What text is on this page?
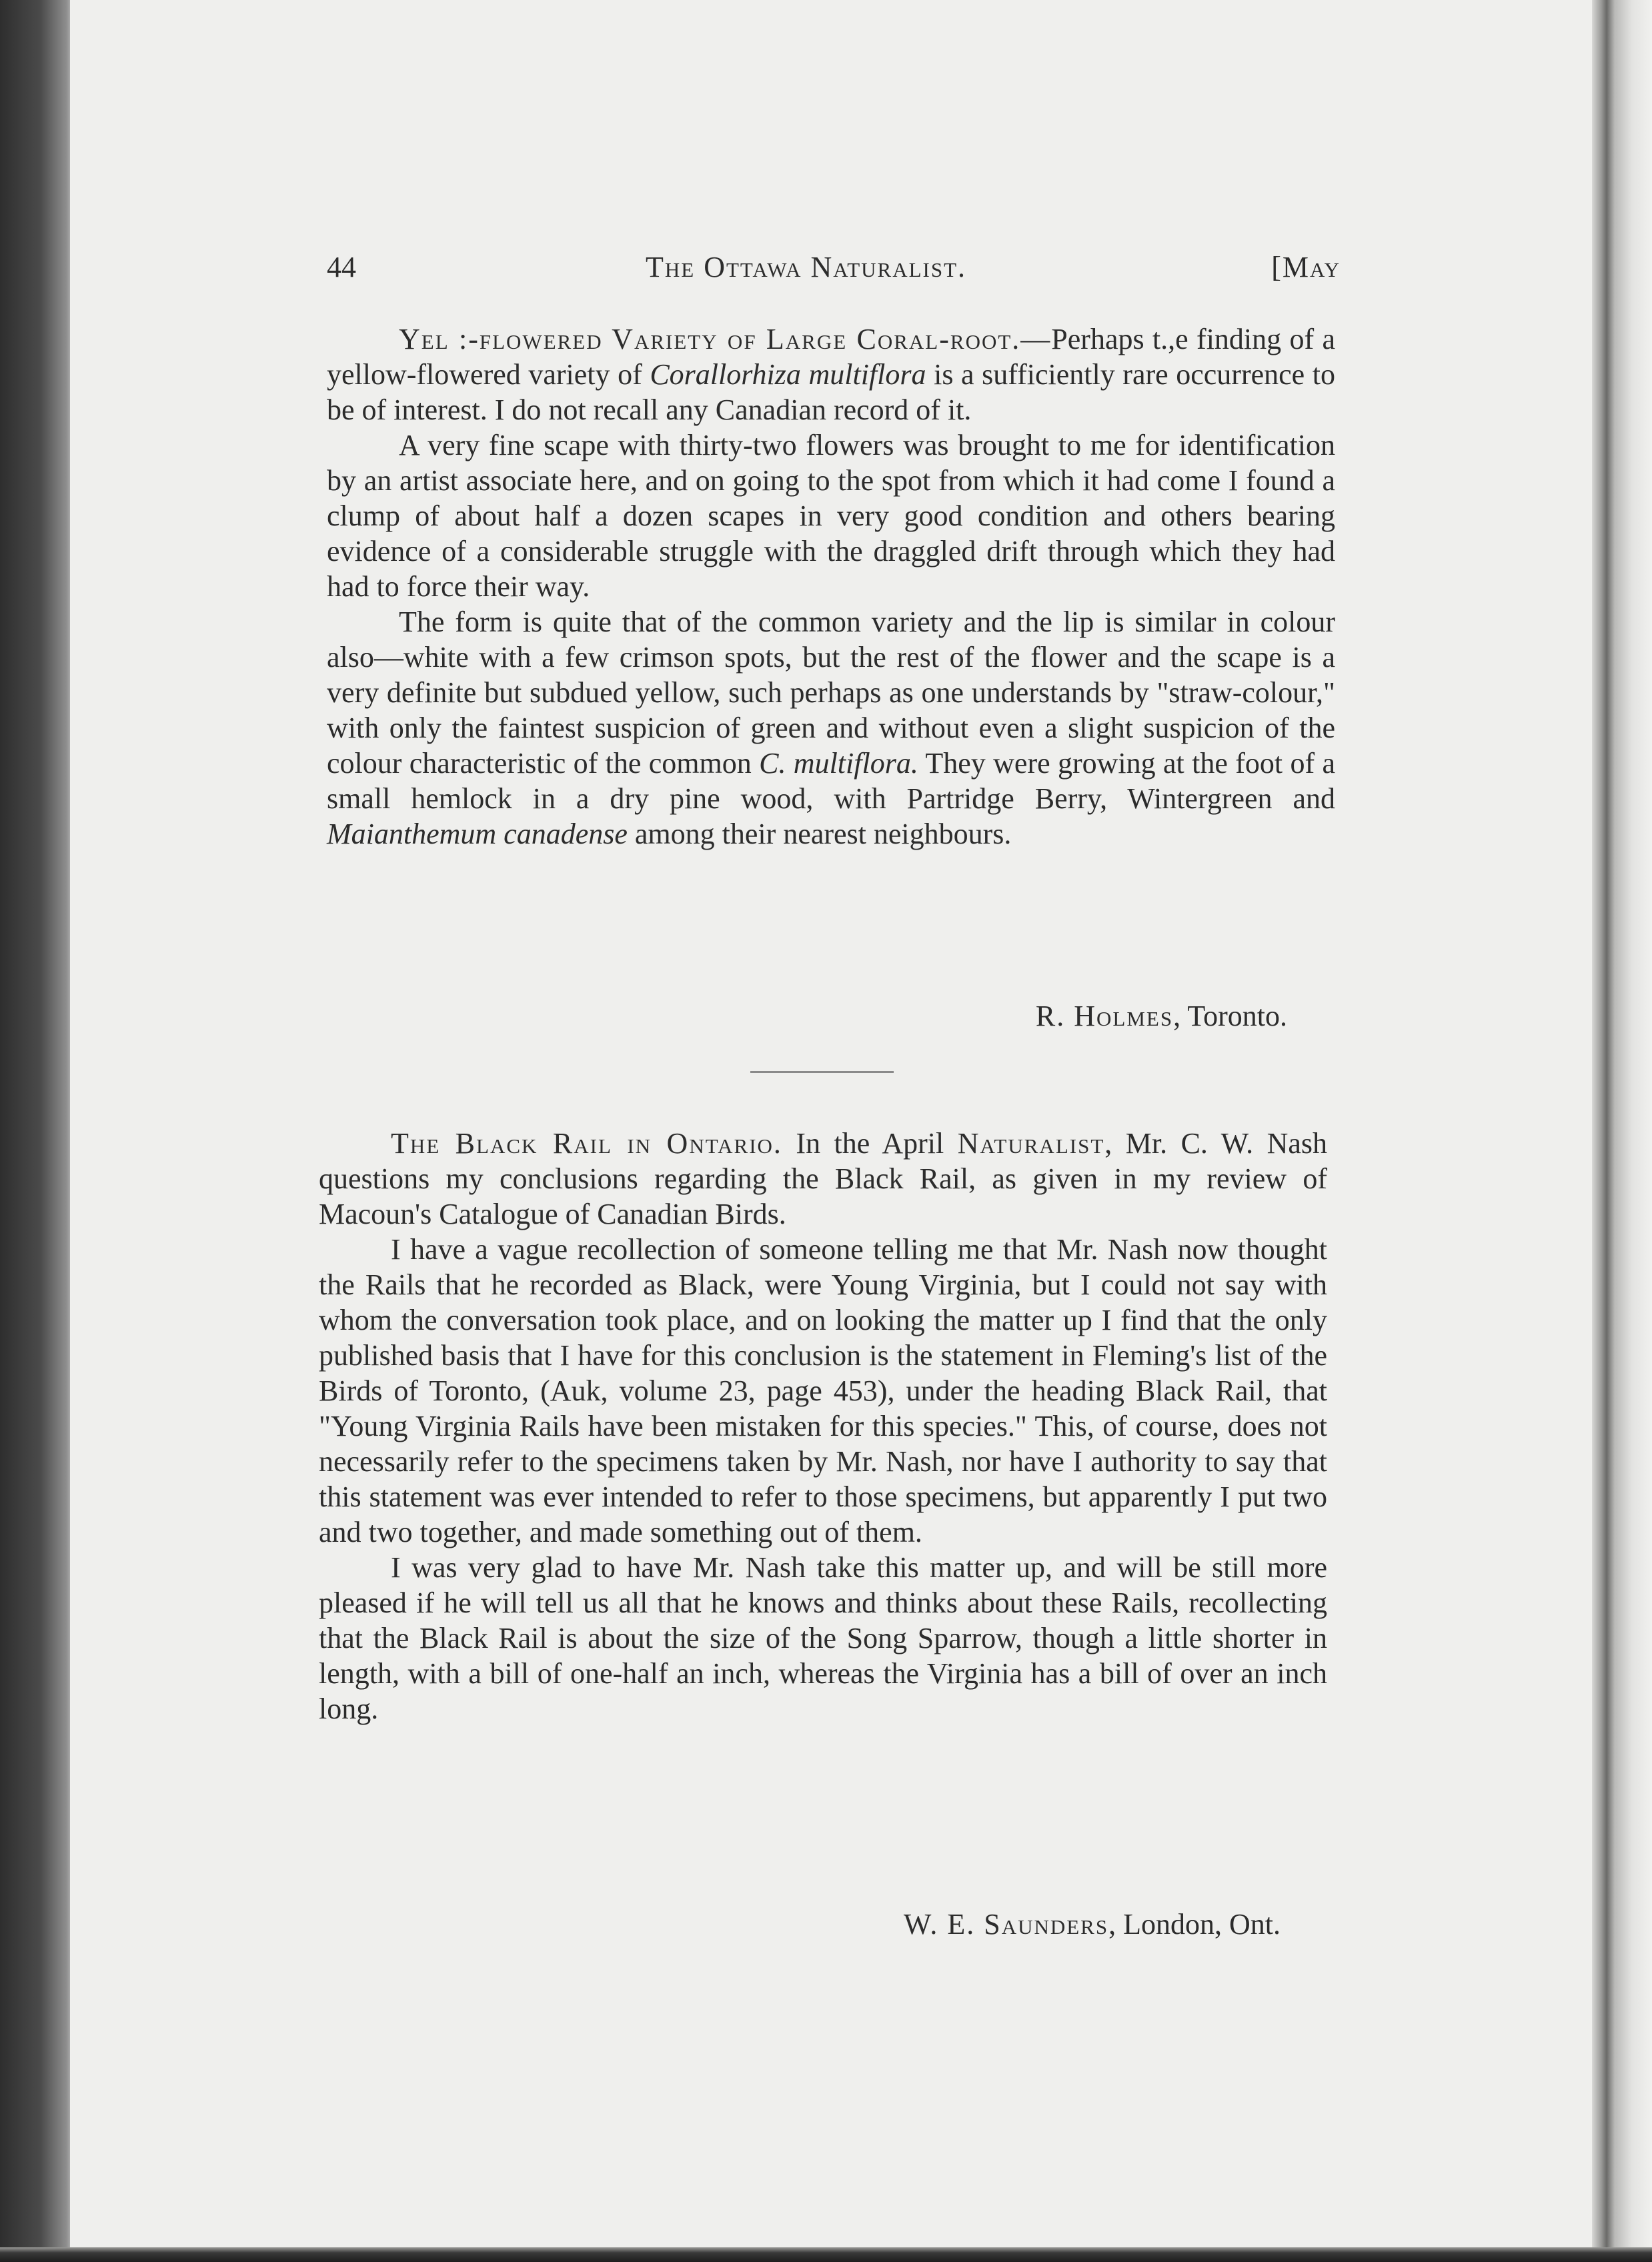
44	The Ottawa Naturalist.	[May

Yel :-flowered Variety of Large Coral-root.—Perhaps t.,e finding of a yellow-flowered variety of Corallorhiza multiflora is a sufficiently rare occurrence to be of interest. I do not recall any Canadian record of it.

A very fine scape with thirty-two flowers was brought to me for identification by an artist associate here, and on going to the spot from which it had come I found a clump of about half a dozen scapes in very good condition and others bearing evidence of a considerable struggle with the draggled drift through which they had had to force their way.

The form is quite that of the common variety and the lip is similar in colour also—white with a few crimson spots, but the rest of the flower and the scape is a very definite but subdued yellow, such perhaps as one understands by "straw-colour," with only the faintest suspicion of green and without even a slight suspicion of the colour characteristic of the common C. multiflora. They were growing at the foot of a small hemlock in a dry pine wood, with Partridge Berry, Wintergreen and Maianthemum canadense among their nearest neighbours.

R. Holmes, Toronto.

The Black Rail in Ontario. In the April Naturalist, Mr. C. W. Nash questions my conclusions regarding the Black Rail, as given in my review of Macoun's Catalogue of Canadian Birds.

I have a vague recollection of someone telling me that Mr. Nash now thought the Rails that he recorded as Black, were Young Virginia, but I could not say with whom the conversation took place, and on looking the matter up I find that the only published basis that I have for this conclusion is the statement in Fleming's list of the Birds of Toronto, (Auk, volume 23, page 453), under the heading Black Rail, that "Young Virginia Rails have been mistaken for this species." This, of course, does not necessarily refer to the specimens taken by Mr. Nash, nor have I authority to say that this statement was ever intended to refer to those specimens, but apparently I put two and two together, and made something out of them.

I was very glad to have Mr. Nash take this matter up, and will be still more pleased if he will tell us all that he knows and thinks about these Rails, recollecting that the Black Rail is about the size of the Song Sparrow, though a little shorter in length, with a bill of one-half an inch, whereas the Virginia has a bill of over an inch long.

W. E. Saunders, London, Ont.
